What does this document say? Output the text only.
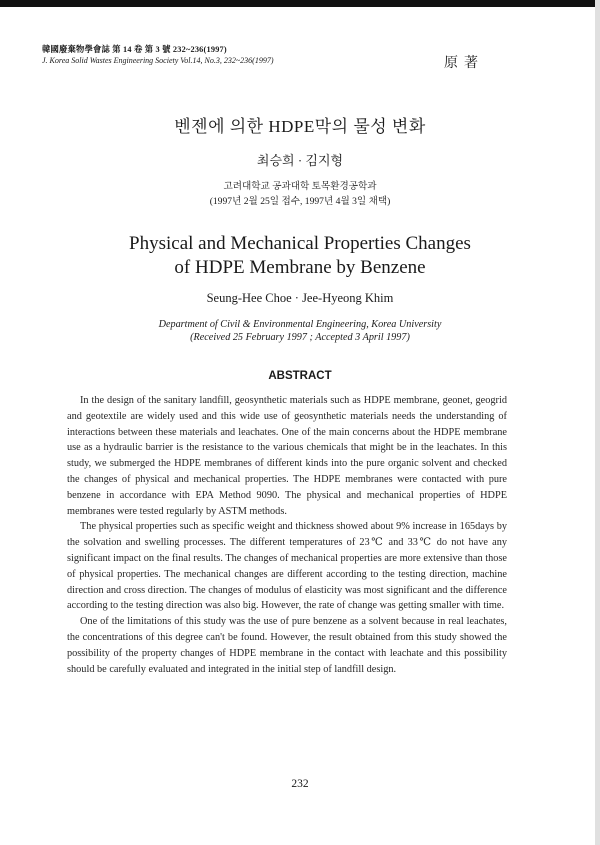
韓國廢棄物學會誌 第 14 卷 第 3 號 232~236(1997)
J. Korea Solid Wastes Engineering Society Vol.14, No.3, 232~236(1997)	原著
벤젠에 의한 HDPE막의 물성 변화
최승희 · 김지형
고려대학교 공과대학 토목환경공학과
(1997년 2월 25일 접수, 1997년 4월 3일 채택)
Physical and Mechanical Properties Changes
of HDPE Membrane by Benzene
Seung-Hee Choe · Jee-Hyeong Khim
Department of Civil & Environmental Engineering, Korea University
(Received 25 February 1997 ; Accepted 3 April 1997)
ABSTRACT

In the design of the sanitary landfill, geosynthetic materials such as HDPE membrane, geonet, geogrid and geotextile are widely used and this wide use of geosynthetic materials needs the understanding of interactions between these materials and leachates. One of the main concerns about the HDPE membrane use as a hydraulic barrier is the resistance to the various chemicals that might be in the leachates. In this study, we submerged the HDPE membranes of different kinds into the pure organic solvent and checked the changes of physical and mechanical properties. The HDPE membranes were contacted with pure benzene in accordance with EPA Method 9090. The physical and mechanical properties of HDPE membranes were tested regularly by ASTM methods.

The physical properties such as specific weight and thickness showed about 9% increase in 165days by the solvation and swelling processes. The different temperatures of 23℃ and 33℃ do not have any significant impact on the final results. The changes of mechanical properties are more extensive than those of physical properties. The mechanical changes are different according to the testing direction, machine direction and cross direction. The changes of modulus of elasticity was most significant and the difference according to the testing direction was also big. However, the rate of change was getting smaller with time.

One of the limitations of this study was the use of pure benzene as a solvent because in real leachates, the concentrations of this degree can't be found. However, the result obtained from this study showed the possibility of the property changes of HDPE membrane in the contact with leachate and this possibility should be carefully evaluated and integrated in the initial step of landfill design.

232
